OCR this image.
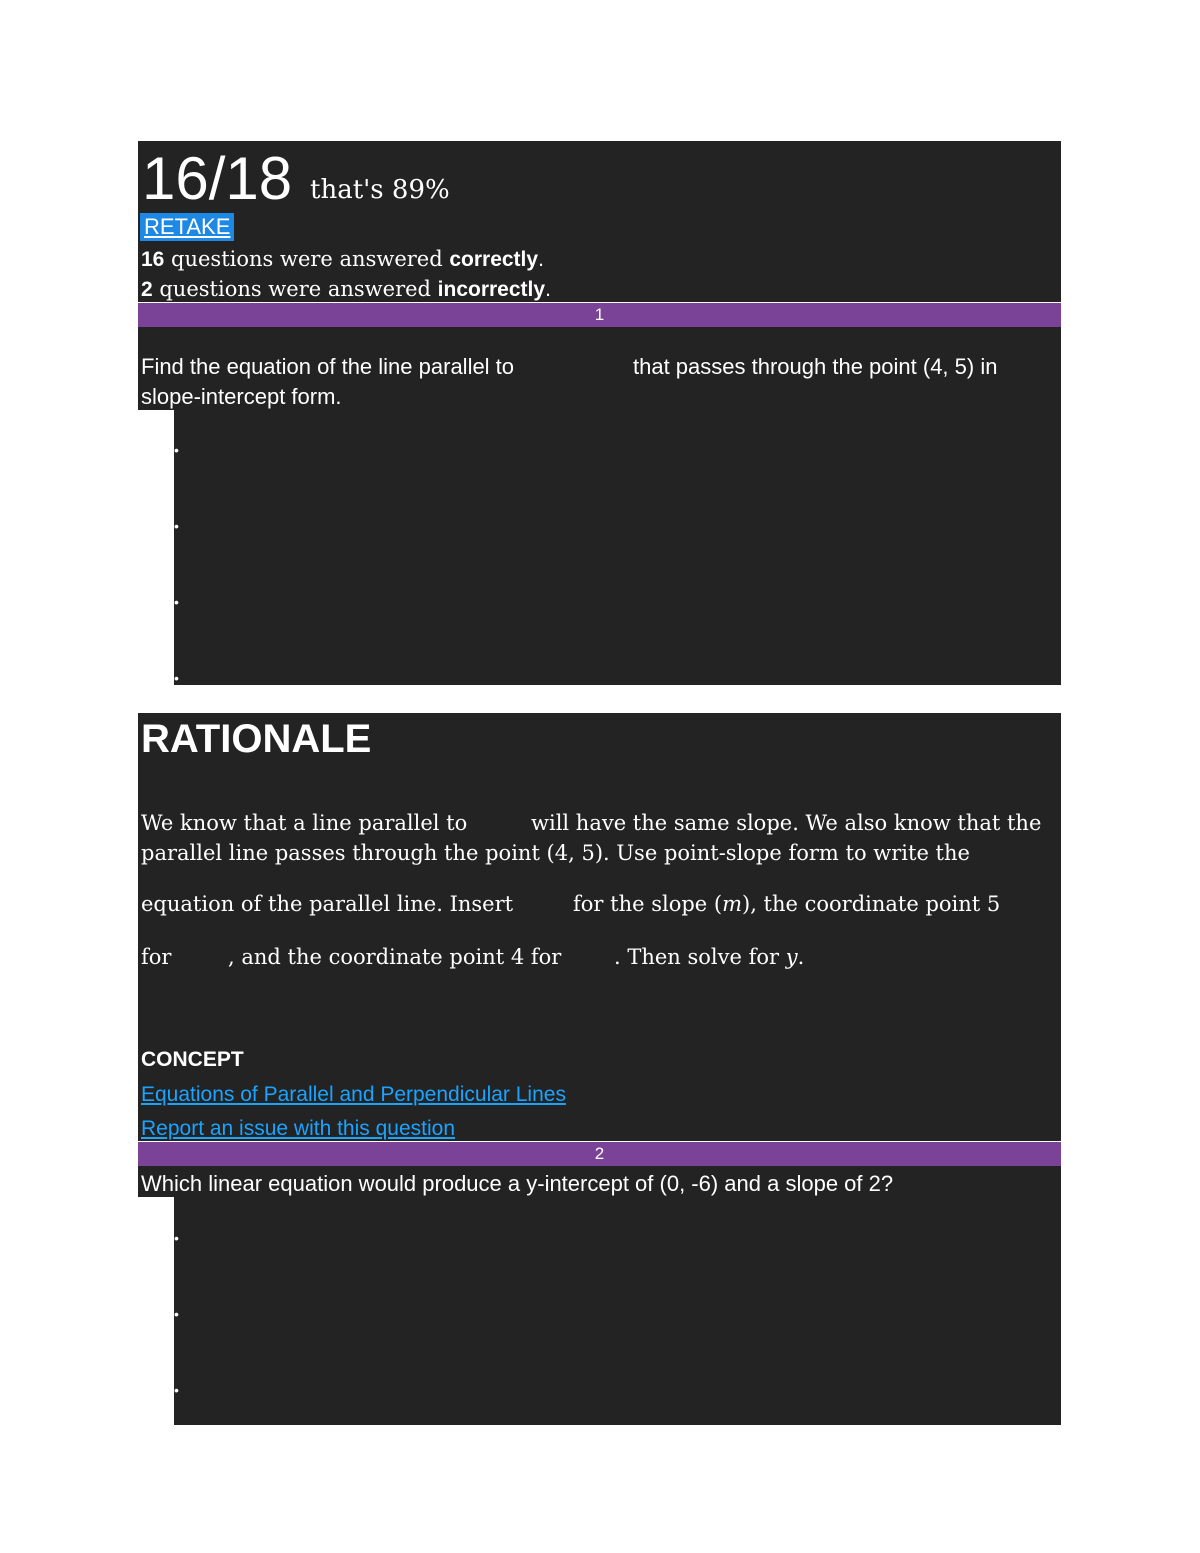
16/18 that's 89%
RETAKE
16 questions were answered correctly.
2 questions were answered incorrectly.
1
Find the equation of the line parallel to	that passes through the point (4, 5) in
slope-intercept form.
•
•
•
•
RATIONALE
We know that a line parallel to	will have the same slope. We also know that the
parallel line passes through the point (4, 5). Use point-slope form to write the
equation of the parallel line. Insert	for the slope (m), the coordinate point 5
for	, and the coordinate point 4 for	. Then solve for y.
CONCEPT
Equations of Parallel and Perpendicular Lines
Report an issue with this question
2
Which linear equation would produce a y-intercept of (0, -6) and a slope of 2?
•
•
•
